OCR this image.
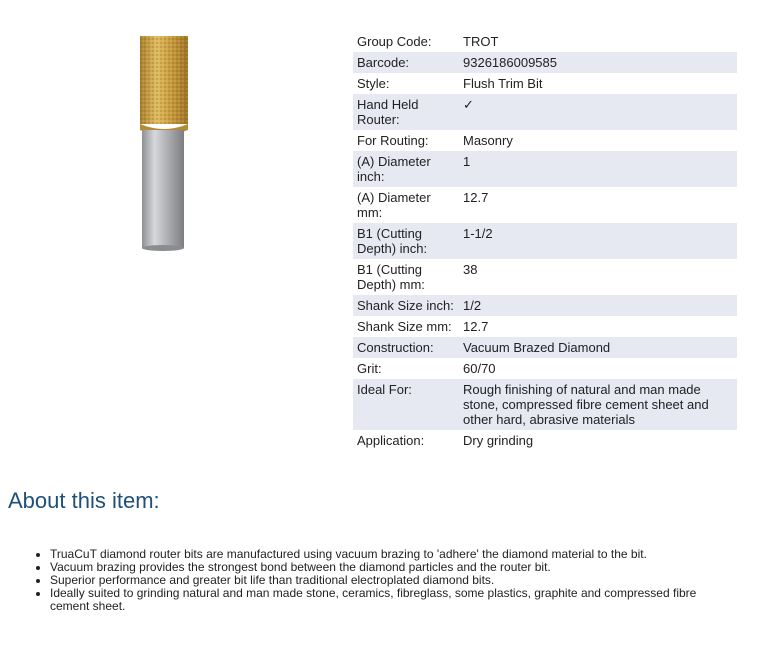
Group Code:	TROT
Barcode:	9326186009585
Style:	Flush Trim Bit
Hand Held Router:	✓
For Routing:	Masonry
(A) Diameter inch:	1
(A) Diameter mm:	12.7
B1 (Cutting Depth) inch:	1-1/2
B1 (Cutting Depth) mm:	38
Shank Size inch:	1/2
Shank Size mm:	12.7
Construction:	Vacuum Brazed Diamond
Grit:	60/70
Ideal For:	Rough finishing of natural and man made stone, compressed fibre cement sheet and other hard, abrasive materials
Application:	Dry grinding
About this item:
• TruaCuT diamond router bits are manufactured using vacuum brazing to 'adhere' the diamond material to the bit.
• Vacuum brazing provides the strongest bond between the diamond particles and the router bit.
• Superior performance and greater bit life than traditional electroplated diamond bits.
• Ideally suited to grinding natural and man made stone, ceramics, fibreglass, some plastics, graphite and compressed fibre cement sheet.
